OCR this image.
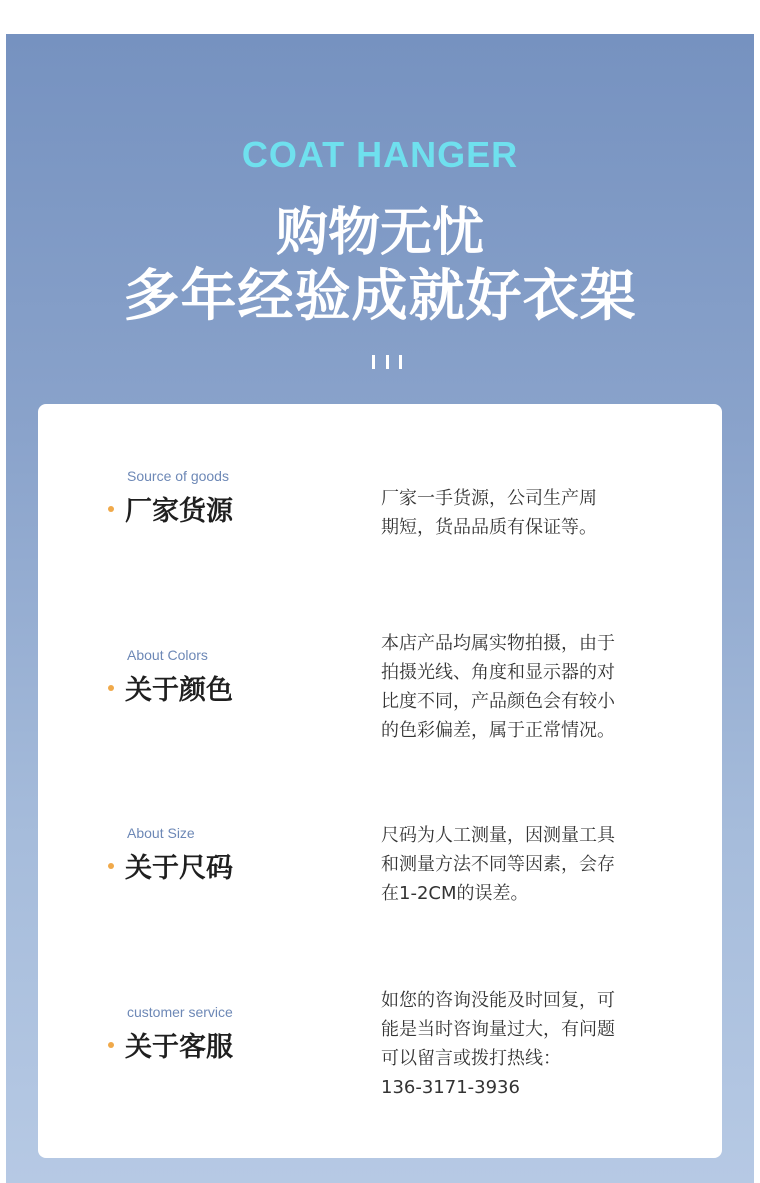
COAT HANGER
购物无忧
多年经验成就好衣架
Source of goods
厂家货源	厂家一手货源，公司生产周
期短，货品品质有保证等。
About Colors
关于颜色
本店产品均属实物拍摄，由于
拍摄光线、角度和显示器的对
比度不同，产品颜色会有较小
的色彩偏差，属于正常情况。
About Size
关于尺码
尺码为人工测量，因测量工具
和测量方法不同等因素，会存
在1-2CM的误差。
customer service
关于客服
如您的咨询没能及时回复，可
能是当时咨询量过大，有问题
可以留言或拨打热线：
136-3171-3936
